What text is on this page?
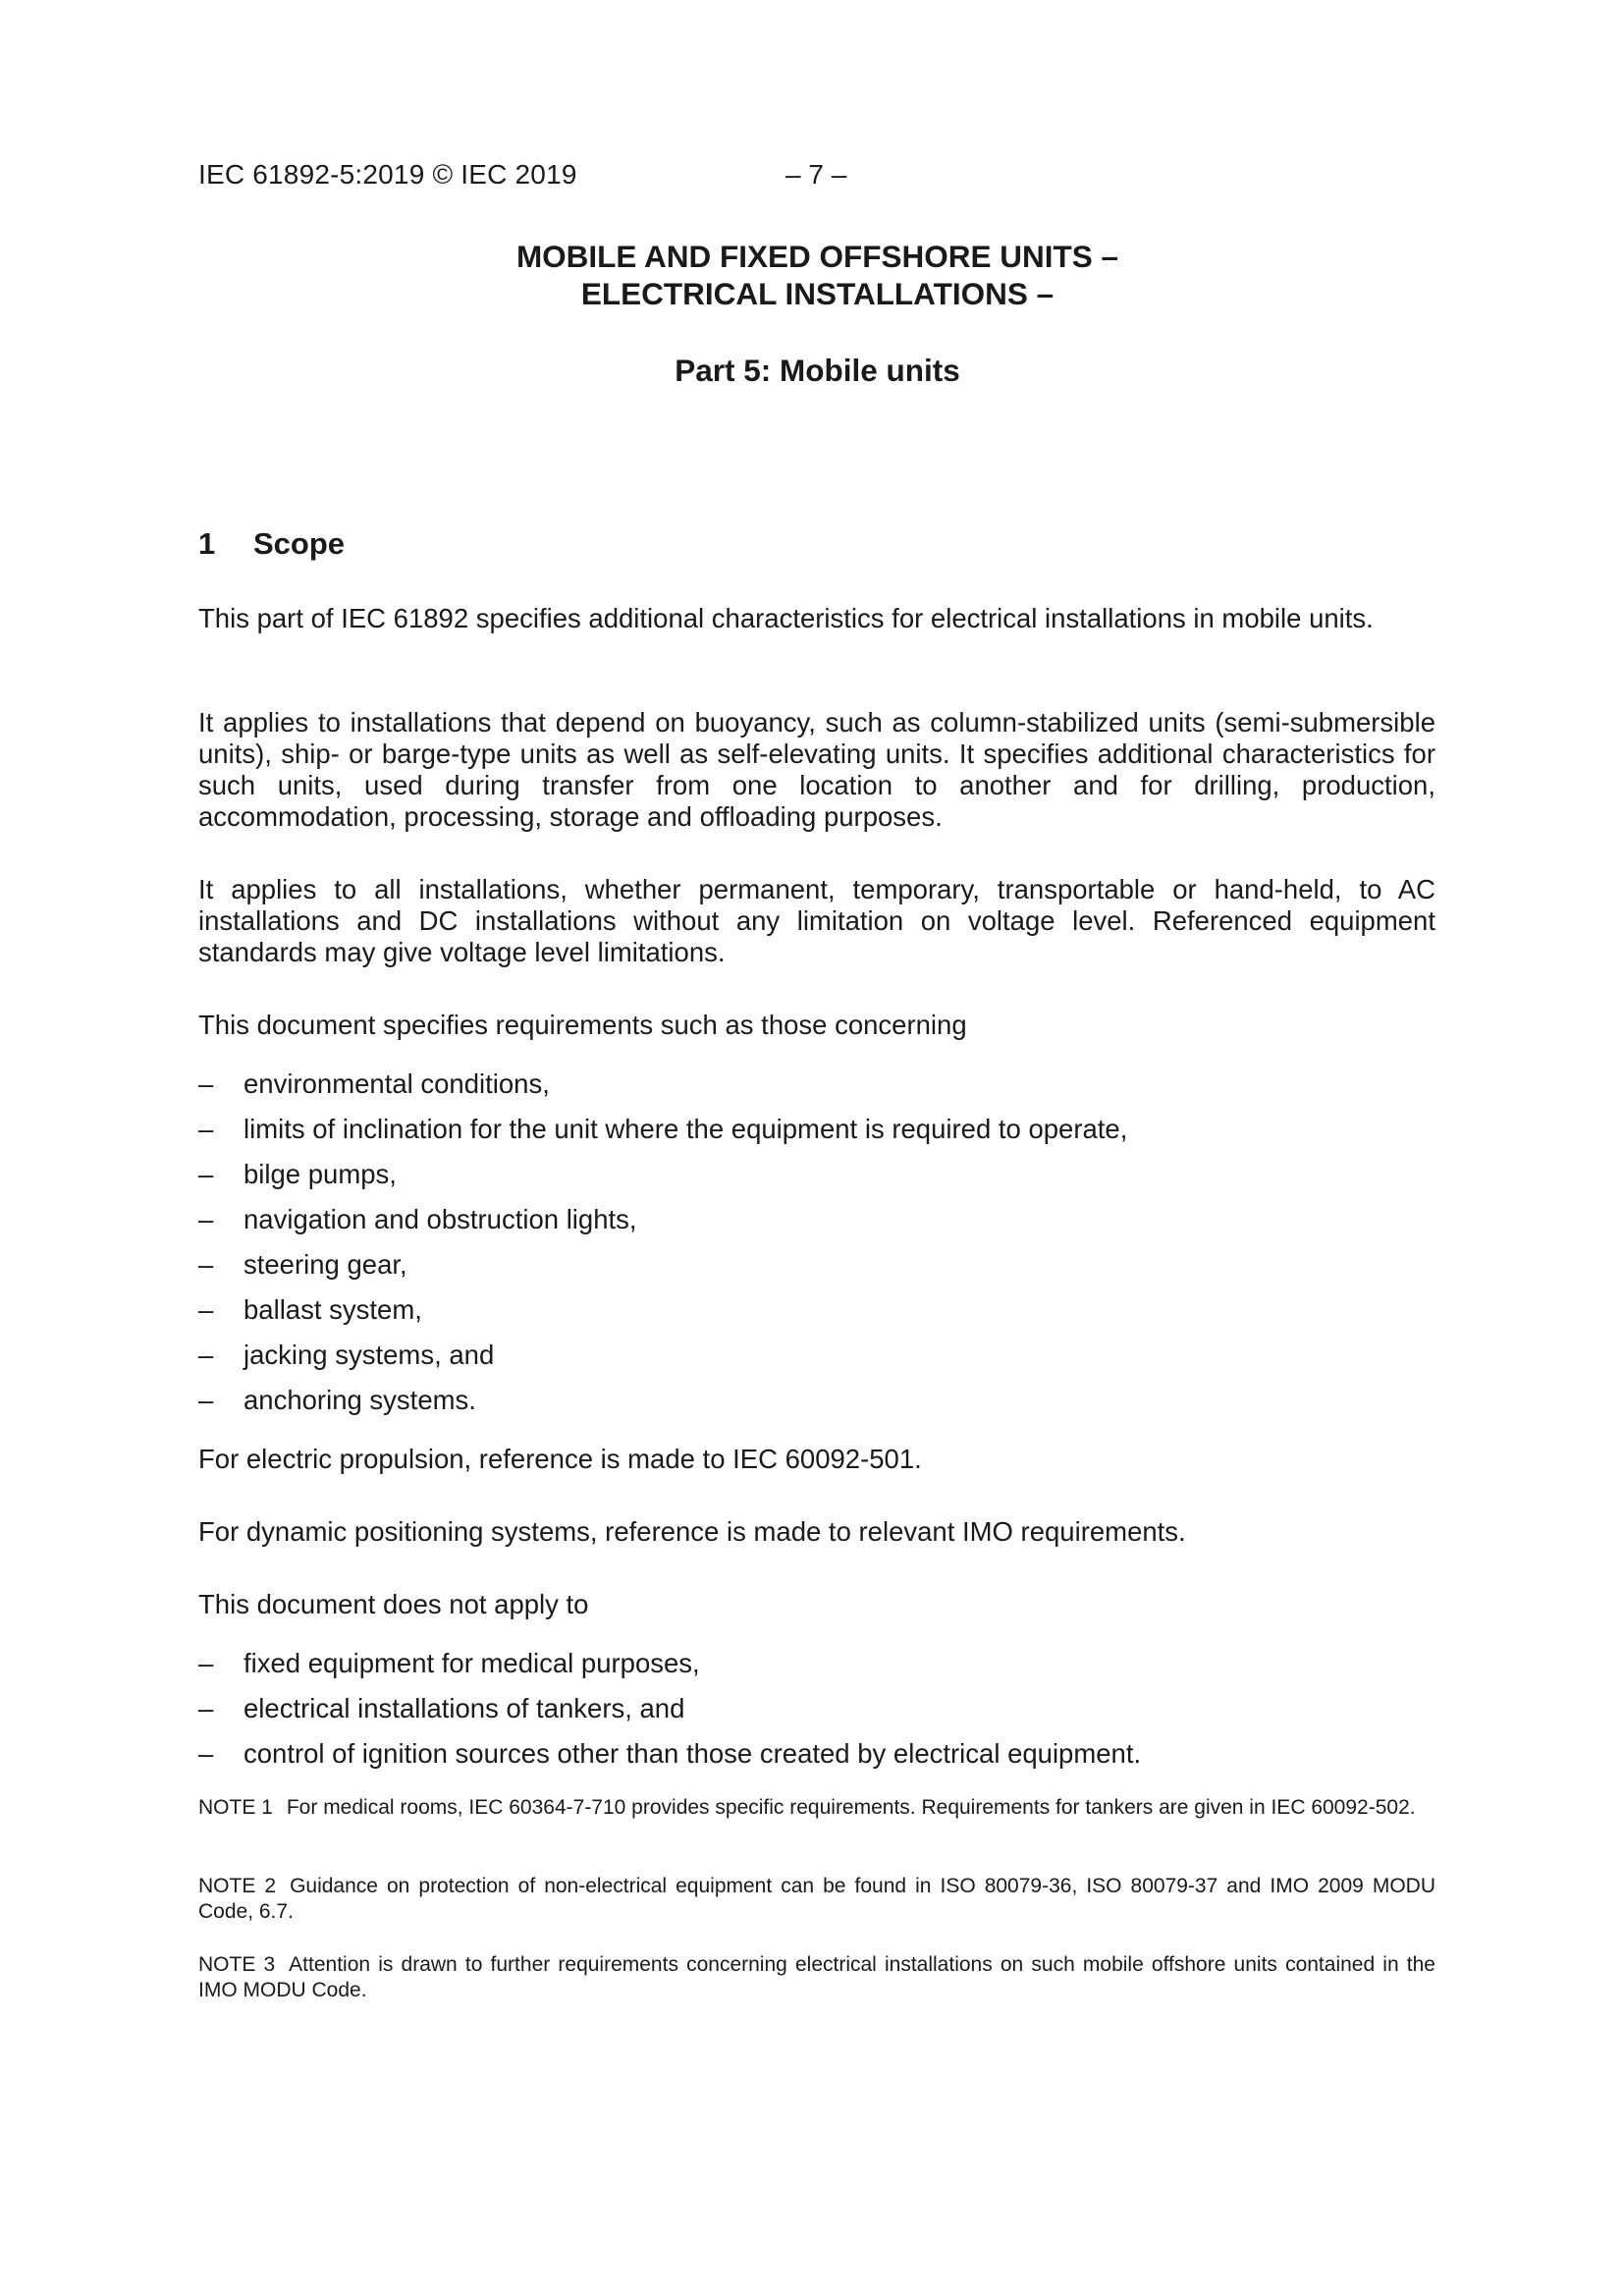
IEC 61892-5:2019 © IEC 2019	– 7 –
MOBILE AND FIXED OFFSHORE UNITS –
ELECTRICAL INSTALLATIONS –
Part 5: Mobile units
1 Scope

This part of IEC 61892 specifies additional characteristics for electrical installations in mobile units.

It applies to installations that depend on buoyancy, such as column-stabilized units (semi-submersible units), ship- or barge-type units as well as self-elevating units. It specifies additional characteristics for such units, used during transfer from one location to another and for drilling, production, accommodation, processing, storage and offloading purposes.

It applies to all installations, whether permanent, temporary, transportable or hand-held, to AC installations and DC installations without any limitation on voltage level. Referenced equipment standards may give voltage level limitations.

This document specifies requirements such as those concerning

– environmental conditions,
– limits of inclination for the unit where the equipment is required to operate,
– bilge pumps,
– navigation and obstruction lights,
– steering gear,
– ballast system,
– jacking systems, and
– anchoring systems.

For electric propulsion, reference is made to IEC 60092-501.

For dynamic positioning systems, reference is made to relevant IMO requirements.

This document does not apply to

– fixed equipment for medical purposes,
– electrical installations of tankers, and
– control of ignition sources other than those created by electrical equipment.

NOTE 1 For medical rooms, IEC 60364-7-710 provides specific requirements. Requirements for tankers are given in IEC 60092-502.

NOTE 2 Guidance on protection of non-electrical equipment can be found in ISO 80079-36, ISO 80079-37 and IMO 2009 MODU Code, 6.7.

NOTE 3 Attention is drawn to further requirements concerning electrical installations on such mobile offshore units contained in the IMO MODU Code.
